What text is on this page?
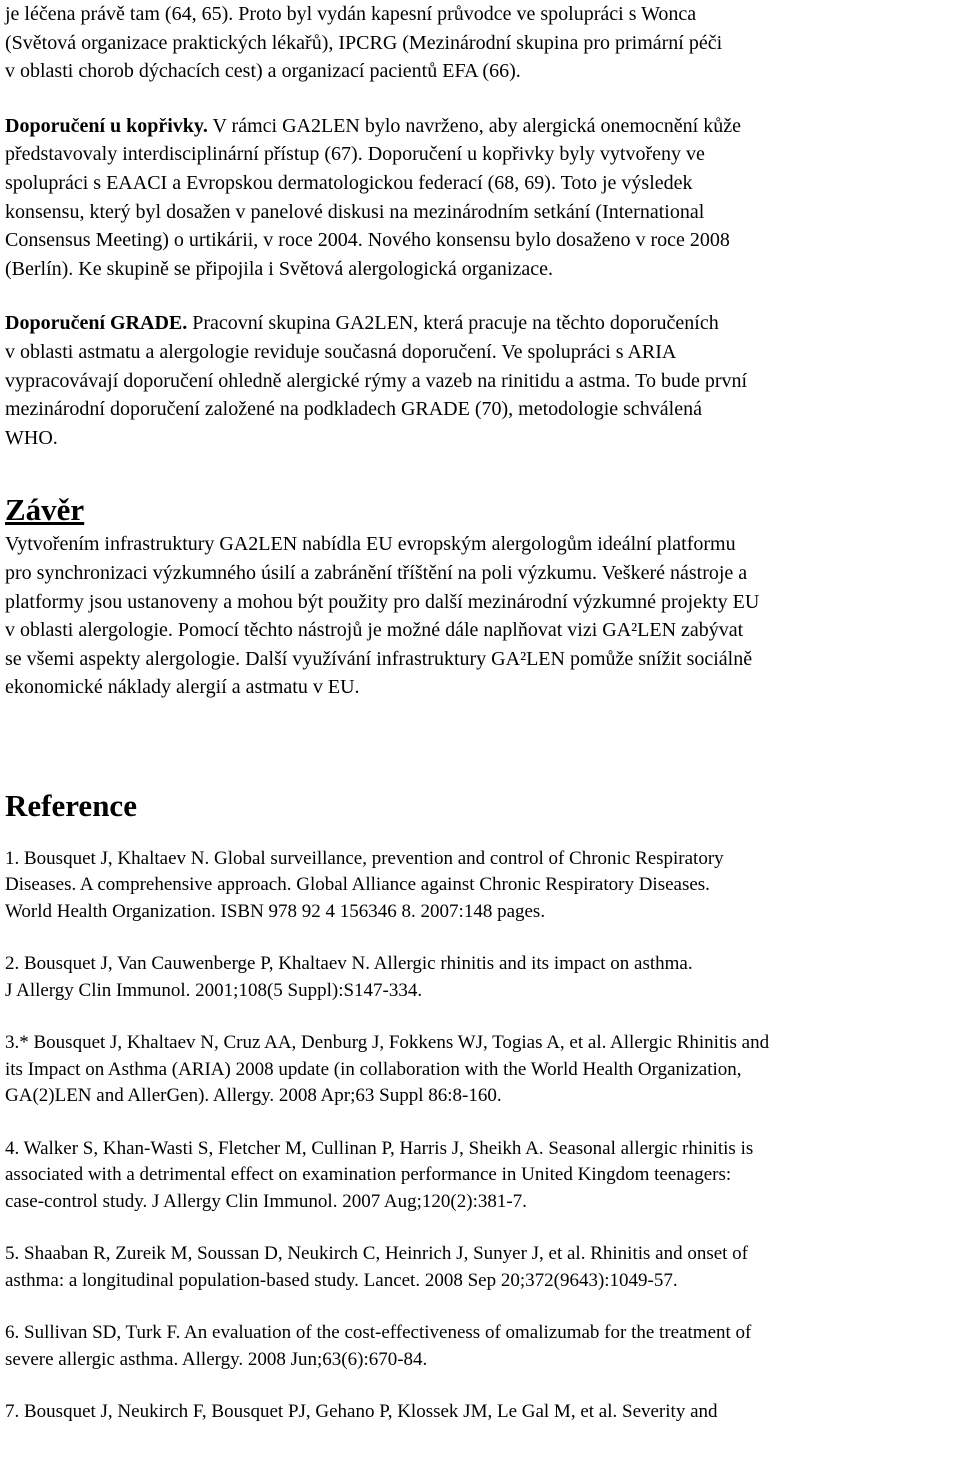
je léčena právě tam (64, 65). Proto byl vydán kapesní průvodce ve spolupráci s Wonca

(Světová organizace praktických lékařů), IPCRG (Mezinárodní skupina pro primární péči

v oblasti chorob dýchacích cest) a organizací pacientů EFA (66).

Doporučení u kopřivky. V rámci GA2LEN bylo navrženo, aby alergická onemocnění kůže

představovaly interdisciplinární přístup (67). Doporučení u kopřivky byly vytvořeny ve

spolupráci s EAACI a Evropskou dermatologickou federací (68, 69). Toto je výsledek

konsensu, který byl dosažen v panelové diskusi na mezinárodním setkání (International

Consensus Meeting) o urtikárii, v roce 2004. Nového konsensu bylo dosaženo v roce 2008

(Berlín). Ke skupině se připojila i Světová alergologická organizace.

Doporučení GRADE. Pracovní skupina GA2LEN, která pracuje na těchto doporučeních

v oblasti astmatu a alergologie reviduje současná doporučení. Ve spolupráci s ARIA

vypracovávají doporučení ohledně alergické rýmy a vazeb na rinitidu a astma. To bude první

mezinárodní doporučení založené na podkladech GRADE (70), metodologie schválená

WHO.

Závěr

Vytvořením infrastruktury GA2LEN nabídla EU evropským alergologům ideální platformu

pro synchronizaci výzkumného úsilí a zabránění tříštění na poli výzkumu. Veškeré nástroje a

platformy jsou ustanoveny a mohou být použity pro další mezinárodní výzkumné projekty EU

v oblasti alergologie. Pomocí těchto nástrojů je možné dále naplňovat vizi GA²LEN zabývat

se všemi aspekty alergologie. Další využívání infrastruktury GA²LEN pomůže snížit sociálně

ekonomické náklady alergií a astmatu v EU.

Reference

1. Bousquet J, Khaltaev N. Global surveillance, prevention and control of Chronic Respiratory

Diseases. A comprehensive approach. Global Alliance against Chronic Respiratory Diseases.

World Health Organization. ISBN 978 92 4 156346 8. 2007:148 pages.

2. Bousquet J, Van Cauwenberge P, Khaltaev N. Allergic rhinitis and its impact on asthma.

J Allergy Clin Immunol. 2001;108(5 Suppl):S147-334.

3.* Bousquet J, Khaltaev N, Cruz AA, Denburg J, Fokkens WJ, Togias A, et al. Allergic Rhinitis and

its Impact on Asthma (ARIA) 2008 update (in collaboration with the World Health Organization,

GA(2)LEN and AllerGen). Allergy. 2008 Apr;63 Suppl 86:8-160.

4. Walker S, Khan-Wasti S, Fletcher M, Cullinan P, Harris J, Sheikh A. Seasonal allergic rhinitis is

associated with a detrimental effect on examination performance in United Kingdom teenagers:

case-control study. J Allergy Clin Immunol. 2007 Aug;120(2):381-7.

5. Shaaban R, Zureik M, Soussan D, Neukirch C, Heinrich J, Sunyer J, et al. Rhinitis and onset of

asthma: a longitudinal population-based study. Lancet. 2008 Sep 20;372(9643):1049-57.

6. Sullivan SD, Turk F. An evaluation of the cost-effectiveness of omalizumab for the treatment of

severe allergic asthma. Allergy. 2008 Jun;63(6):670-84.

7. Bousquet J, Neukirch F, Bousquet PJ, Gehano P, Klossek JM, Le Gal M, et al. Severity and
